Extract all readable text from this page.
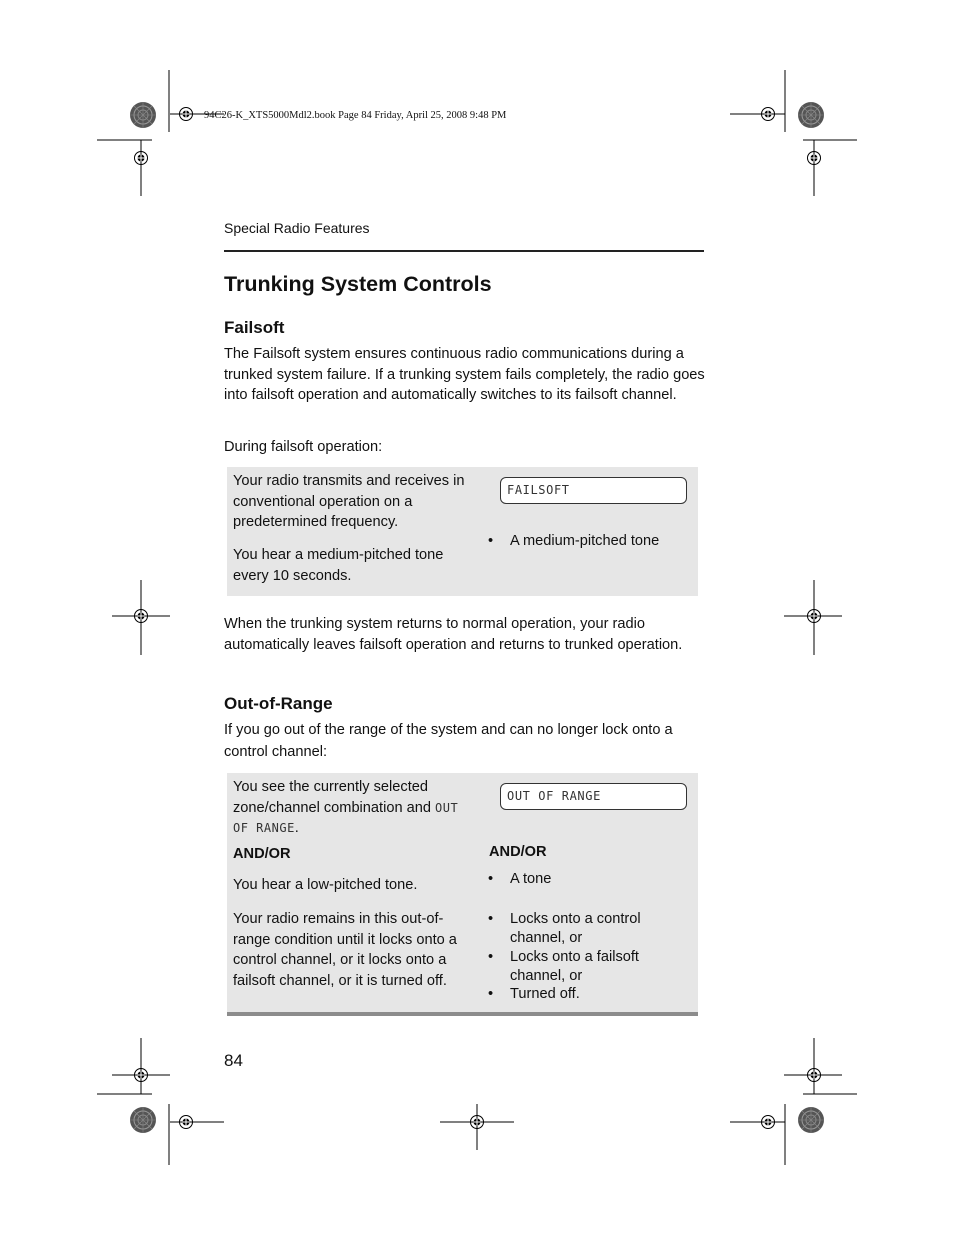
94C26-K_XTS5000Mdl2.book Page 84 Friday, April 25, 2008 9:48 PM
Special Radio Features
Trunking System Controls
Failsoft

The Failsoft system ensures continuous radio communications during a trunked system failure. If a trunking system fails completely, the radio goes into failsoft operation and automatically switches to its failsoft channel.

During failsoft operation:

Your radio transmits and receives in conventional operation on a predetermined frequency.
You hear a medium-pitched tone every 10 seconds.
• A medium-pitched tone
FAILSOFT

When the trunking system returns to normal operation, your radio automatically leaves failsoft operation and returns to trunked operation.

Out-of-Range

If you go out of the range of the system and can no longer lock onto a control channel:

You see the currently selected zone/channel combination and OUT OF RANGE.
AND/OR
You hear a low-pitched tone.
Your radio remains in this out-of-range condition until it locks onto a control channel, or it locks onto a failsoft channel, or it is turned off.
AND/OR
• A tone
• Locks onto a control channel, or
• Locks onto a failsoft channel, or
• Turned off.
OUT OF RANGE
84
